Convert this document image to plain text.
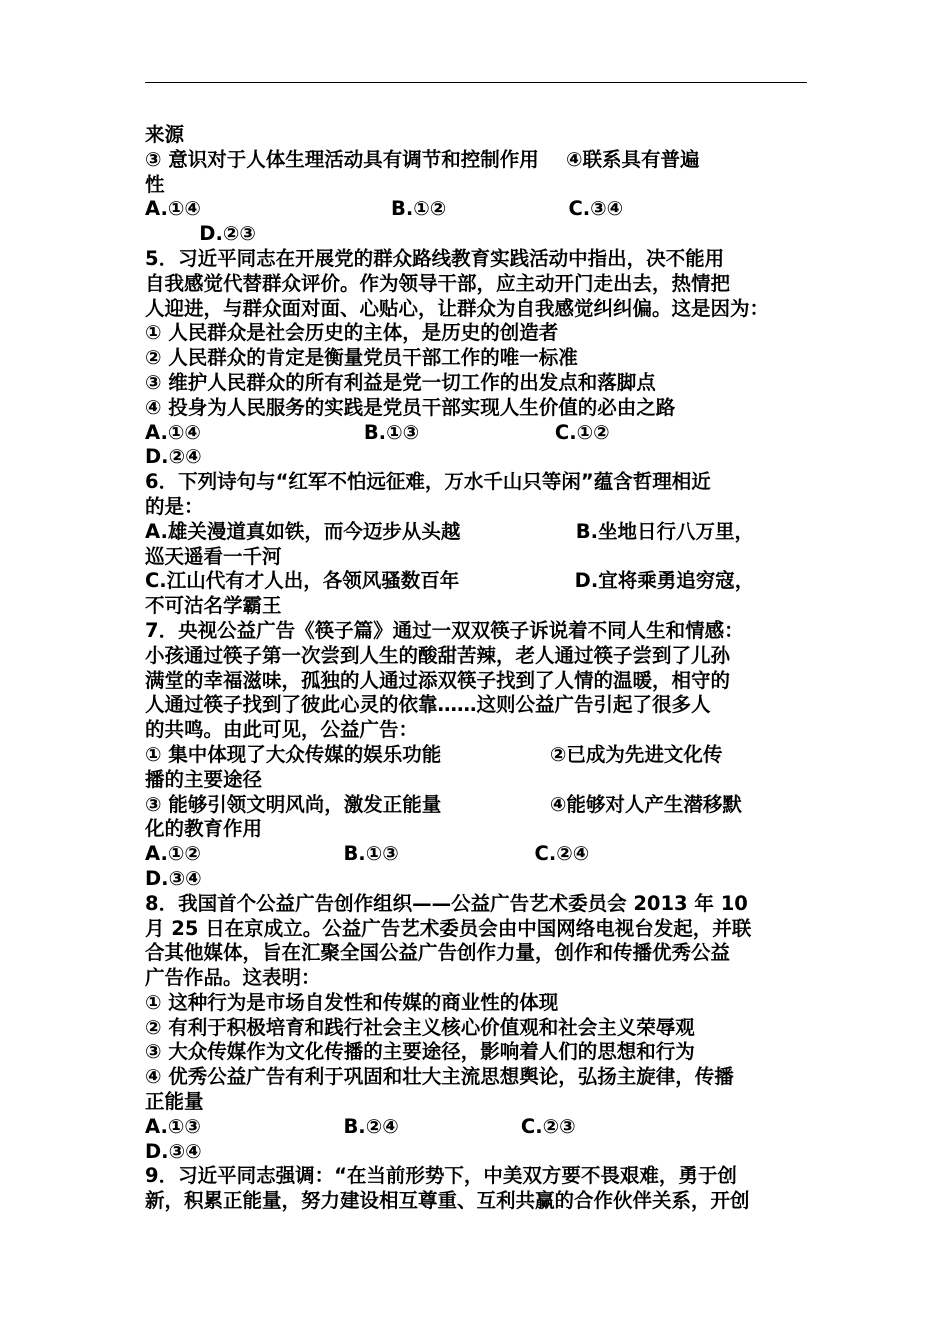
来源
③ 意识对于人体生理活动具有调节和控制作用    ④联系具有普遍
性
A.①④                            B.①②                  C.③④
D.②③
5．习近平同志在开展党的群众路线教育实践活动中指出，决不能用
自我感觉代替群众评价。作为领导干部，应主动开门走出去，热情把
人迎进，与群众面对面、心贴心，让群众为自我感觉纠纠偏。这是因为：
① 人民群众是社会历史的主体，是历史的创造者
② 人民群众的肯定是衡量党员干部工作的唯一标准
③ 维护人民群众的所有利益是党一切工作的出发点和落脚点
④ 投身为人民服务的实践是党员干部实现人生价值的必由之路
A.①④                        B.①③                    C.①②
D.②④
6．下列诗句与“红军不怕远征难，万水千山只等闲”蕴含哲理相近
的是：
A.雄关漫道真如铁，而今迈步从头越                 B.坐地日行八万里，
巡天遥看一千河
C.江山代有才人出，各领风骚数百年                 D.宜将乘勇追穷寇，
不可沽名学霸王
7．央视公益广告《筷子篇》通过一双双筷子诉说着不同人生和情感：
小孩通过筷子第一次尝到人生的酸甜苦辣，老人通过筷子尝到了儿孙
满堂的幸福滋味，孤独的人通过添双筷子找到了人情的温暖，相守的
人通过筷子找到了彼此心灵的依靠……这则公益广告引起了很多人
的共鸣。由此可见，公益广告：
① 集中体现了大众传媒的娱乐功能                ②已成为先进文化传
播的主要途径
③ 能够引领文明风尚，激发正能量                ④能够对人产生潜移默
化的教育作用
A.①②                     B.①③                    C.②④
D.③④
8．我国首个公益广告创作组织——公益广告艺术委员会 2013 年 10
月 25 日在京成立。公益广告艺术委员会由中国网络电视台发起，并联
合其他媒体，旨在汇聚全国公益广告创作力量，创作和传播优秀公益
广告作品。这表明：
① 这种行为是市场自发性和传媒的商业性的体现
② 有利于积极培育和践行社会主义核心价值观和社会主义荣辱观
③ 大众传媒作为文化传播的主要途径，影响着人们的思想和行为
④ 优秀公益广告有利于巩固和壮大主流思想舆论，弘扬主旋律，传播
正能量
A.①③                     B.②④                  C.②③
D.③④
9．习近平同志强调：“在当前形势下，中美双方要不畏艰难，勇于创
新，积累正能量，努力建设相互尊重、互利共赢的合作伙伴关系，开创
